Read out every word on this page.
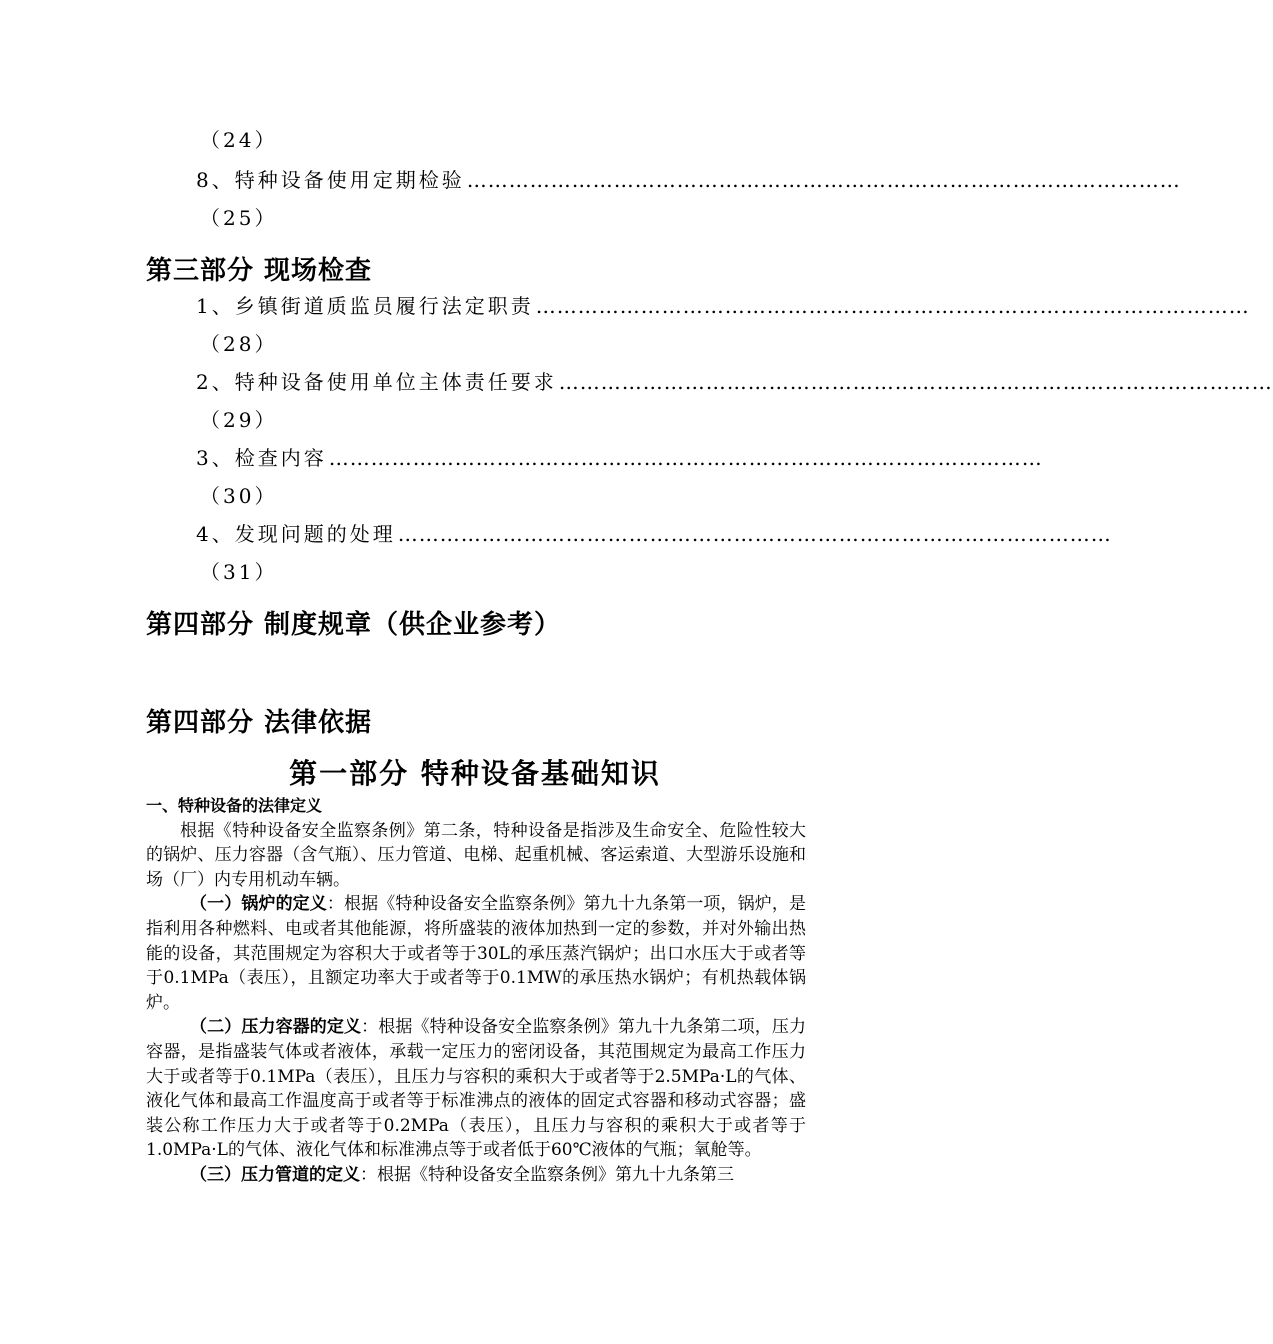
（24）
8、特种设备使用定期检验 …………………………………………………………………………………………
（25）
第三部分 现场检查
1、乡镇街道质监员履行法定职责 …………………………………………………………………………………………
（28）
2、特种设备使用单位主体责任要求 …………………………………………………………………………………………
（29）
3、检查内容 …………………………………………………………………………………………
（30）
4、发现问题的处理 …………………………………………………………………………………………
（31）
第四部分 制度规章（供企业参考）
第四部分 法律依据
第一部分 特种设备基础知识

一、特种设备的法律定义

根据《特种设备安全监察条例》第二条，特种设备是指涉及生命安全、危险性较大的锅炉、压力容器（含气瓶）、压力管道、电梯、起重机械、客运索道、大型游乐设施和场（厂）内专用机动车辆。

（一）锅炉的定义：根据《特种设备安全监察条例》第九十九条第一项，锅炉，是指利用各种燃料、电或者其他能源，将所盛装的液体加热到一定的参数，并对外输出热能的设备，其范围规定为容积大于或者等于30L的承压蒸汽锅炉；出口水压大于或者等于0.1MPa（表压），且额定功率大于或者等于0.1MW的承压热水锅炉；有机热载体锅炉。

（二）压力容器的定义：根据《特种设备安全监察条例》第九十九条第二项，压力容器，是指盛装气体或者液体，承载一定压力的密闭设备，其范围规定为最高工作压力大于或者等于0.1MPa（表压），且压力与容积的乘积大于或者等于2.5MPa·L的气体、液化气体和最高工作温度高于或者等于标准沸点的液体的固定式容器和移动式容器；盛装公称工作压力大于或者等于0.2MPa（表压），且压力与容积的乘积大于或者等于1.0MPa·L的气体、液化气体和标准沸点等于或者低于60℃液体的气瓶；氧舱等。

（三）压力管道的定义：根据《特种设备安全监察条例》第九十九条第三
